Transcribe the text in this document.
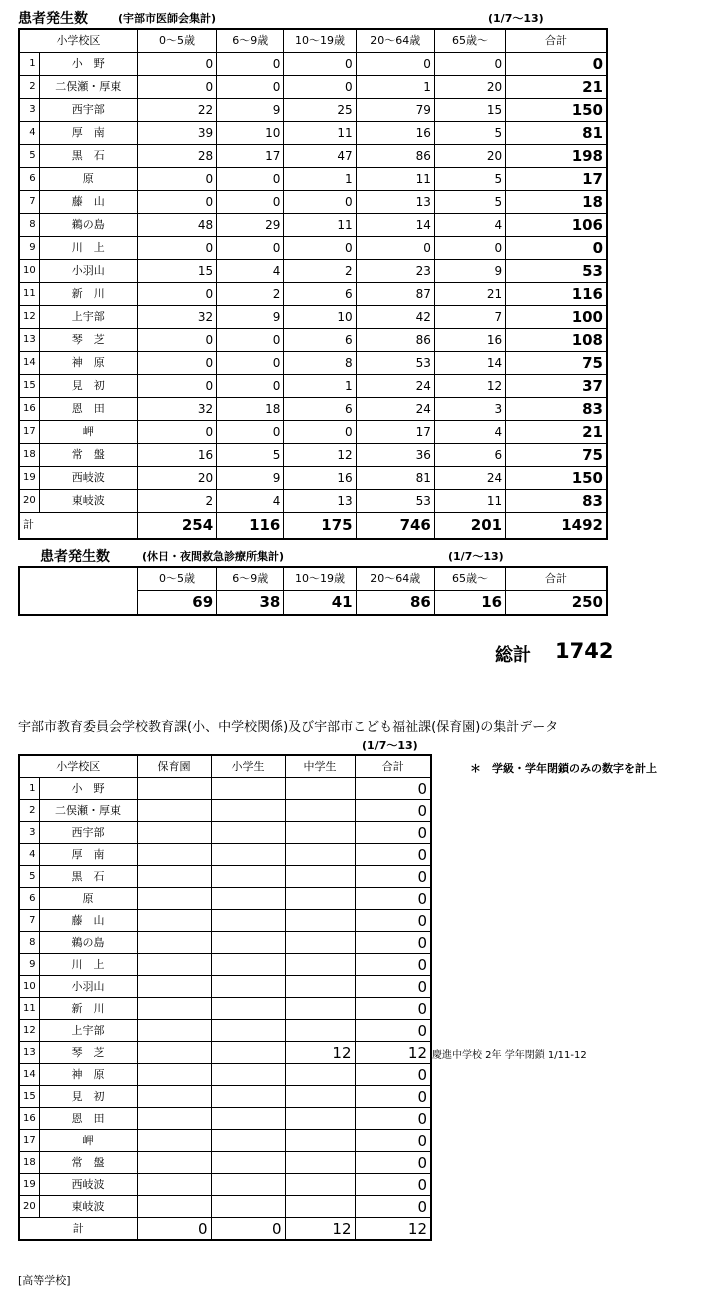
患者発生数	(宇部市医師会集計)	(1/7～13)
小学校区		0～5歳	6～9歳	10～19歳	20～64歳	65歳～	合計
1	小　野	0	0	0	0	0	0
2	二俣瀬・厚東	0	0	0	1	20	21
3	西宇部	22	9	25	79	15	150
4	厚　南	39	10	11	16	5	81
5	黒　石	28	17	47	86	20	198
6	原	0	0	1	11	5	17
7	藤　山	0	0	0	13	5	18
8	鵜の島	48	29	11	14	4	106
9	川　上	0	0	0	0	0	0
10	小羽山	15	4	2	23	9	53
11	新　川	0	2	6	87	21	116
12	上宇部	32	9	10	42	7	100
13	琴　芝	0	0	6	86	16	108
14	神　原	0	0	8	53	14	75
15	見　初	0	0	1	24	12	37
16	恩　田	32	18	6	24	3	83
17	岬	0	0	0	17	4	21
18	常　盤	16	5	12	36	6	75
19	西岐波	20	9	16	81	24	150
20	東岐波	2	4	13	53	11	83
計		254	116	175	746	201	1492
患者発生数	(休日・夜間救急診療所集計)	(1/7～13)
	0～5歳	6～9歳	10～19歳	20～64歳	65歳～	合計
	69	38	41	86	16	250
総計 1742
宇部市教育委員会学校教育課(小、中学校関係)及び宇部市こども福祉課(保育園)の集計データ
(1/7～13)
＊　学級・学年閉鎖のみの数字を計上
小学校区		保育園	小学生	中学生	合計
1	小　野				0
2	二俣瀬・厚東				0
3	西宇部				0
4	厚　南				0
5	黒　石				0
6	原				0
7	藤　山				0
8	鵜の島				0
9	川　上				0
10	小羽山				0
11	新　川				0
12	上宇部				0
13	琴　芝			12	12
14	神　原				0
15	見　初				0
16	恩　田				0
17	岬				0
18	常　盤				0
19	西岐波				0
20	東岐波				0
計		0	0	12	12
慶進中学校 2年 学年閉鎖 1/11-12
[高等学校]
